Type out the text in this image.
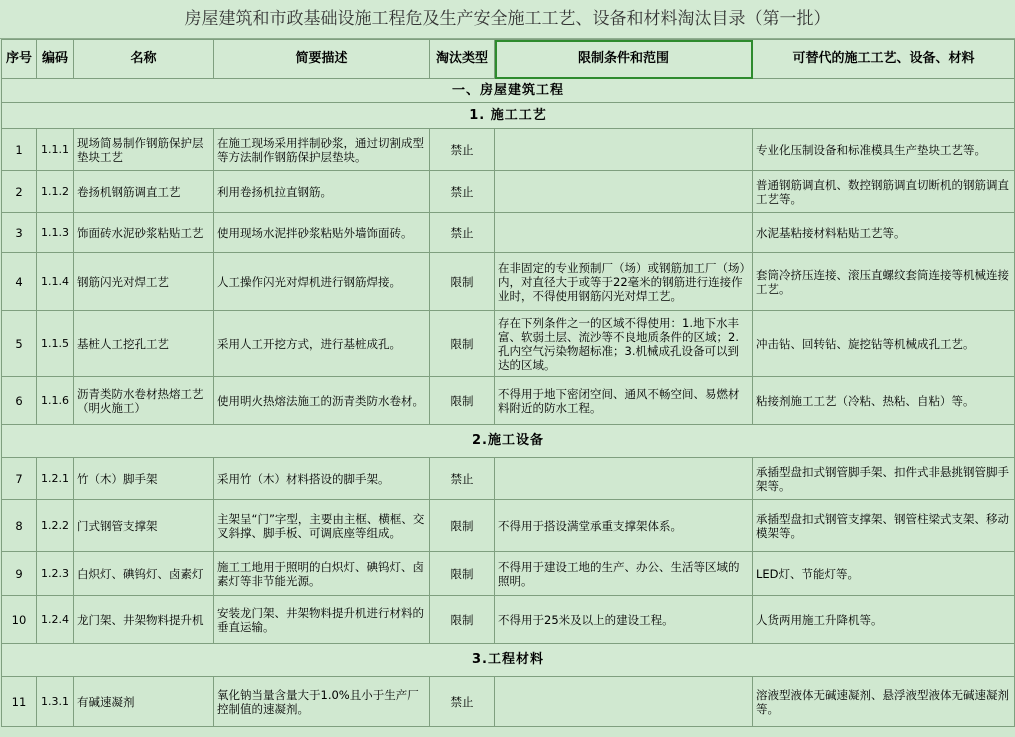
房屋建筑和市政基础设施工程危及生产安全施工工艺、设备和材料淘汰目录（第一批）
序号	编码	名称	简要描述	淘汰类型	限制条件和范围	可替代的施工工艺、设备、材料
一、房屋建筑工程						
1. 施工工艺						
1	1.1.1	现场简易制作钢筋保护层垫块工艺	在施工现场采用拌制砂浆，通过切割成型等方法制作钢筋保护层垫块。	禁止		专业化压制设备和标准模具生产垫块工艺等。
2	1.1.2	卷扬机钢筋调直工艺	利用卷扬机拉直钢筋。	禁止		普通钢筋调直机、数控钢筋调直切断机的钢筋调直工艺等。
3	1.1.3	饰面砖水泥砂浆粘贴工艺	使用现场水泥拌砂浆粘贴外墙饰面砖。	禁止		水泥基粘接材料粘贴工艺等。
4	1.1.4	钢筋闪光对焊工艺	人工操作闪光对焊机进行钢筋焊接。	限制	在非固定的专业预制厂（场）或钢筋加工厂（场）内，对直径大于或等于22毫米的钢筋进行连接作业时，不得使用钢筋闪光对焊工艺。	套筒冷挤压连接、滚压直螺纹套筒连接等机械连接工艺。
5	1.1.5	基桩人工挖孔工艺	采用人工开挖方式，进行基桩成孔。	限制	存在下列条件之一的区域不得使用：1.地下水丰富、软弱土层、流沙等不良地质条件的区域；2.孔内空气污染物超标准；3.机械成孔设备可以到达的区域。	冲击钻、回转钻、旋挖钻等机械成孔工艺。
6	1.1.6	沥青类防水卷材热熔工艺（明火施工）	使用明火热熔法施工的沥青类防水卷材。	限制	不得用于地下密闭空间、通风不畅空间、易燃材料附近的防水工程。	粘接剂施工工艺（冷粘、热粘、自粘）等。
2.施工设备						
7	1.2.1	竹（木）脚手架	采用竹（木）材料搭设的脚手架。	禁止		承插型盘扣式钢管脚手架、扣件式非悬挑钢管脚手架等。
8	1.2.2	门式钢管支撑架	主架呈“门”字型，主要由主框、横框、交叉斜撑、脚手板、可调底座等组成。	限制	不得用于搭设满堂承重支撑架体系。	承插型盘扣式钢管支撑架、钢管柱梁式支架、移动模架等。
9	1.2.3	白炽灯、碘钨灯、卤素灯	施工工地用于照明的白炽灯、碘钨灯、卤素灯等非节能光源。	限制	不得用于建设工地的生产、办公、生活等区域的照明。	LED灯、节能灯等。
10	1.2.4	龙门架、井架物料提升机	安装龙门架、井架物料提升机进行材料的垂直运输。	限制	不得用于25米及以上的建设工程。	人货两用施工升降机等。
3.工程材料						
11	1.3.1	有碱速凝剂	氧化钠当量含量大于1.0%且小于生产厂控制值的速凝剂。	禁止		溶液型液体无碱速凝剂、悬浮液型液体无碱速凝剂等。
